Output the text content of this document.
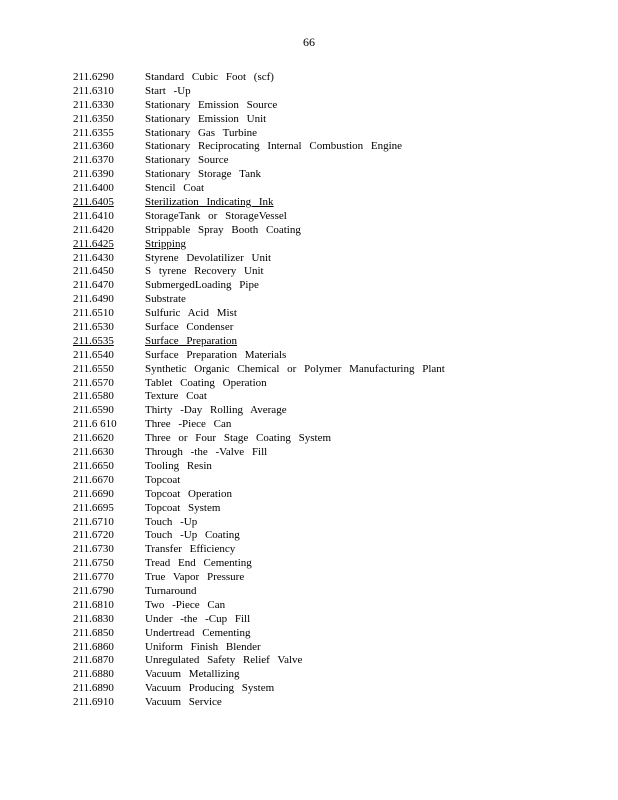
66
211.6290	Standard Cubic Foot (scf)
211.6310	Start -Up
211.6330	Stationary Emission Source
211.6350	Stationary Emission Unit
211.6355	Stationary Gas Turbine
211.6360	Stationary Reciprocating Internal Combustion Engine
211.6370	Stationary Source
211.6390	Stationary Storage Tank
211.6400	Stencil Coat
211.6405	Sterilization Indicating Ink
211.6410	StorageTank or StorageVessel
211.6420	Strippable Spray Booth Coating
211.6425	Stripping
211.6430	Styrene Devolatilizer Unit
211.6450	S tyrene Recovery Unit
211.6470	SubmergedLoading Pipe
211.6490	Substrate
211.6510	Sulfuric Acid Mist
211.6530	Surface Condenser
211.6535	Surface Preparation
211.6540	Surface Preparation Materials
211.6550	Synthetic Organic Chemical or Polymer Manufacturing Plant
211.6570	Tablet Coating Operation
211.6580	Texture Coat
211.6590	Thirty -Day Rolling Average
211.6 610	Three -Piece Can
211.6620	Three or Four Stage Coating System
211.6630	Through -the -Valve Fill
211.6650	Tooling Resin
211.6670	Topcoat
211.6690	Topcoat Operation
211.6695	Topcoat System
211.6710	Touch -Up
211.6720	Touch -Up Coating
211.6730	Transfer Efficiency
211.6750	Tread End Cementing
211.6770	True Vapor Pressure
211.6790	Turnaround
211.6810	Two -Piece Can
211.6830	Under -the -Cup Fill
211.6850	Undertread Cementing
211.6860	Uniform Finish Blender
211.6870	Unregulated Safety Relief Valve
211.6880	Vacuum Metallizing
211.6890	Vacuum Producing System
211.6910	Vacuum Service
